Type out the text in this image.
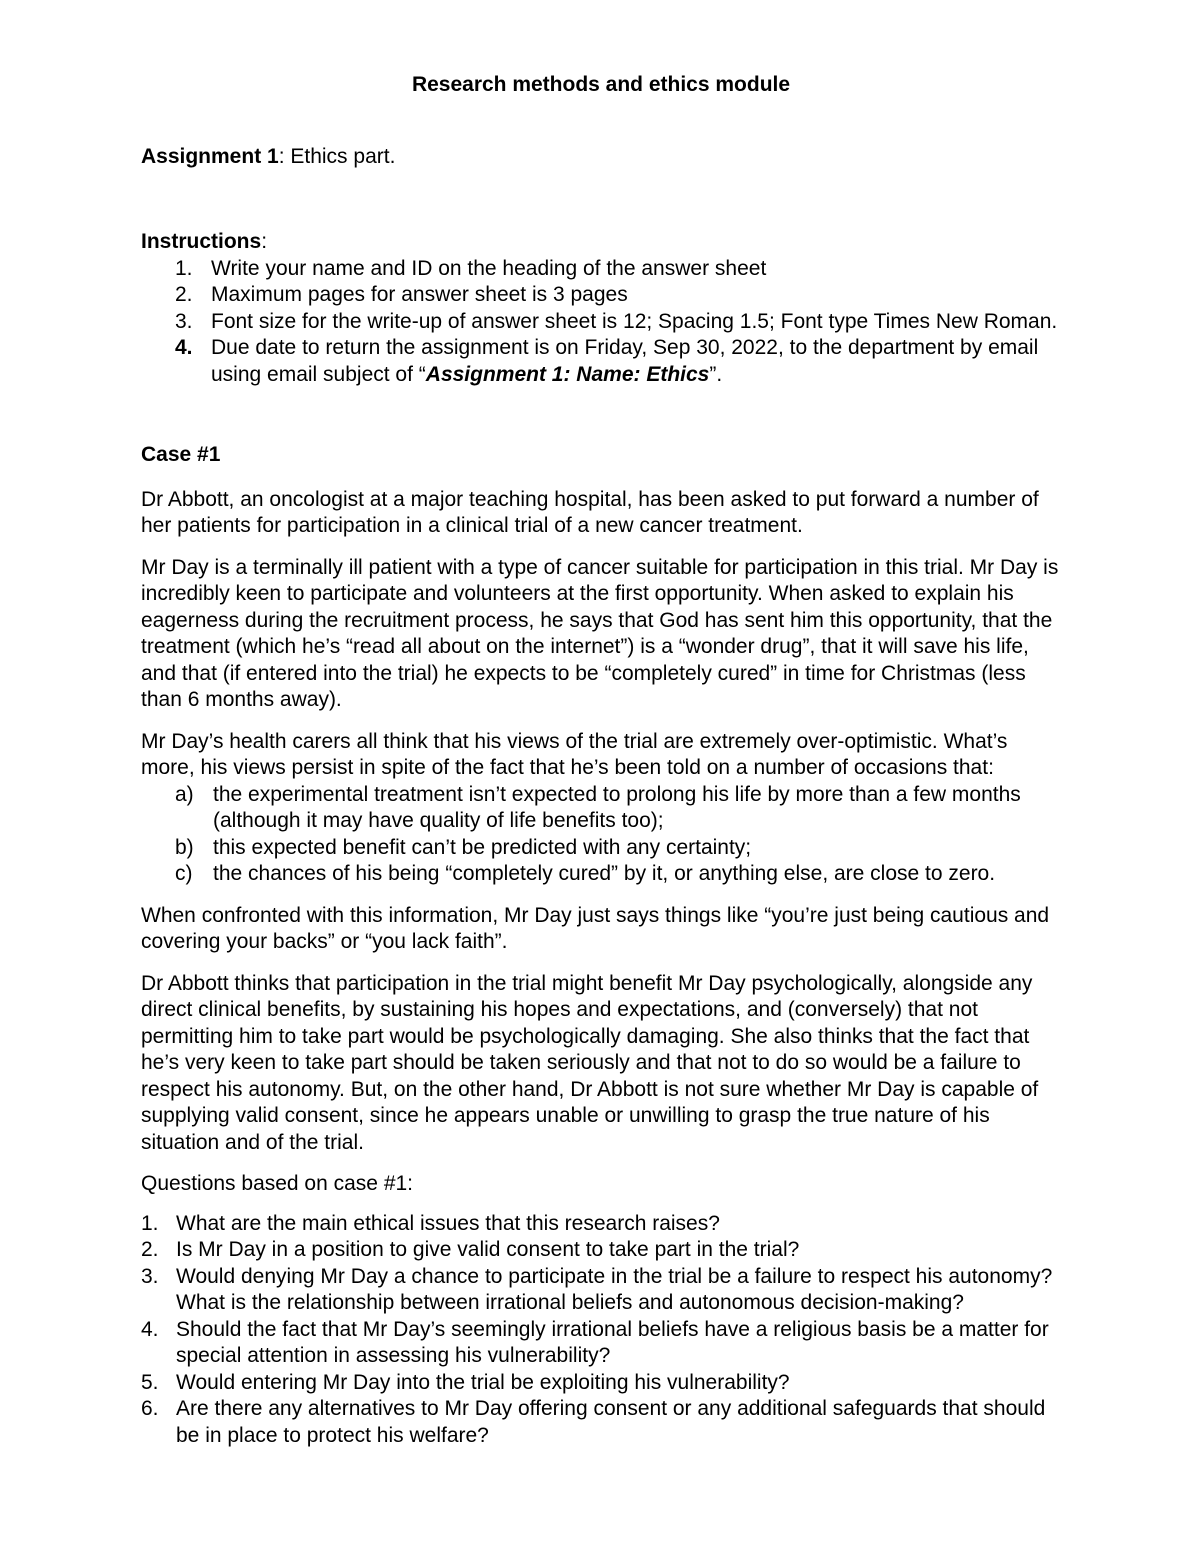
Research methods and ethics module

Assignment 1: Ethics part.

Instructions:

1. Write your name and ID on the heading of the answer sheet
2. Maximum pages for answer sheet is 3 pages
3. Font size for the write-up of answer sheet is 12; Spacing 1.5; Font type Times New Roman.
4. Due date to return the assignment is on Friday, Sep 30, 2022, to the department by email using email subject of “Assignment 1: Name: Ethics”.

Case #1

Dr Abbott, an oncologist at a major teaching hospital, has been asked to put forward a number of her patients for participation in a clinical trial of a new cancer treatment.

Mr Day is a terminally ill patient with a type of cancer suitable for participation in this trial. Mr Day is incredibly keen to participate and volunteers at the first opportunity. When asked to explain his eagerness during the recruitment process, he says that God has sent him this opportunity, that the treatment (which he’s “read all about on the internet”) is a “wonder drug”, that it will save his life, and that (if entered into the trial) he expects to be “completely cured” in time for Christmas (less than 6 months away).

Mr Day’s health carers all think that his views of the trial are extremely over-optimistic. What’s more, his views persist in spite of the fact that he’s been told on a number of occasions that:

a) the experimental treatment isn’t expected to prolong his life by more than a few months (although it may have quality of life benefits too);
b) this expected benefit can’t be predicted with any certainty;
c) the chances of his being “completely cured” by it, or anything else, are close to zero.

When confronted with this information, Mr Day just says things like “you’re just being cautious and covering your backs” or “you lack faith”.

Dr Abbott thinks that participation in the trial might benefit Mr Day psychologically, alongside any direct clinical benefits, by sustaining his hopes and expectations, and (conversely) that not permitting him to take part would be psychologically damaging. She also thinks that the fact that he’s very keen to take part should be taken seriously and that not to do so would be a failure to respect his autonomy. But, on the other hand, Dr Abbott is not sure whether Mr Day is capable of supplying valid consent, since he appears unable or unwilling to grasp the true nature of his situation and of the trial.

Questions based on case #1:

1. What are the main ethical issues that this research raises?
2. Is Mr Day in a position to give valid consent to take part in the trial?
3. Would denying Mr Day a chance to participate in the trial be a failure to respect his autonomy? What is the relationship between irrational beliefs and autonomous decision-making?
4. Should the fact that Mr Day’s seemingly irrational beliefs have a religious basis be a matter for special attention in assessing his vulnerability?
5. Would entering Mr Day into the trial be exploiting his vulnerability?
6. Are there any alternatives to Mr Day offering consent or any additional safeguards that should be in place to protect his welfare?
